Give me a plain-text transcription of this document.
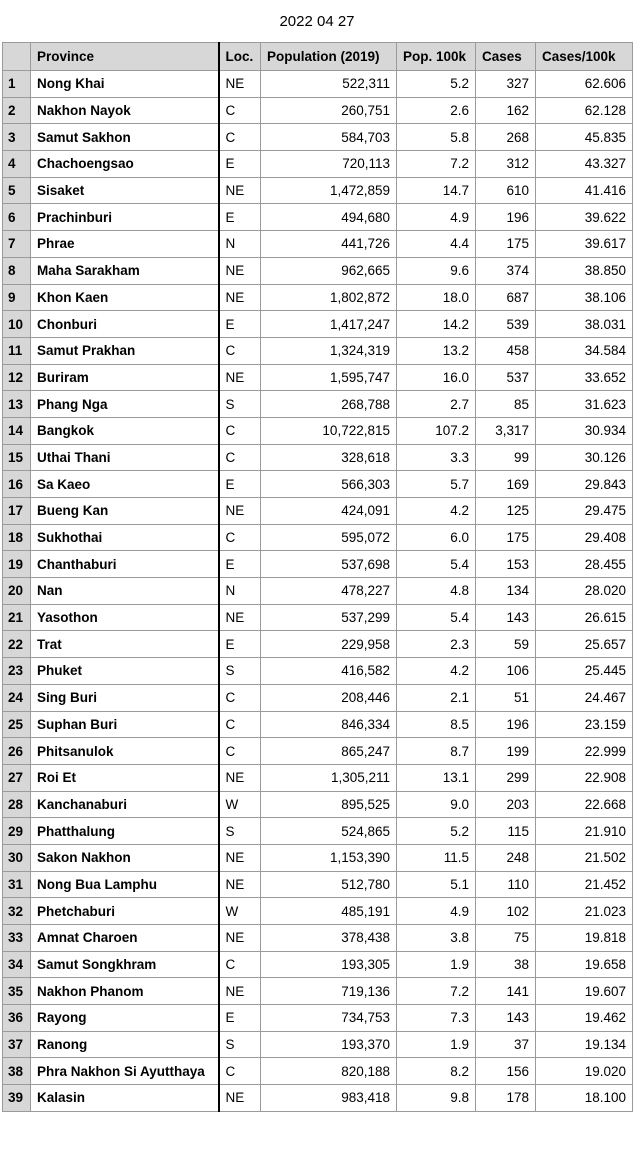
2022 04 27
	Province	Loc.	Population (2019)	Pop. 100k	Cases	Cases/100k
1	Nong Khai	NE	522,311	5.2	327	62.606
2	Nakhon Nayok	C	260,751	2.6	162	62.128
3	Samut Sakhon	C	584,703	5.8	268	45.835
4	Chachoengsao	E	720,113	7.2	312	43.327
5	Sisaket	NE	1,472,859	14.7	610	41.416
6	Prachinburi	E	494,680	4.9	196	39.622
7	Phrae	N	441,726	4.4	175	39.617
8	Maha Sarakham	NE	962,665	9.6	374	38.850
9	Khon Kaen	NE	1,802,872	18.0	687	38.106
10	Chonburi	E	1,417,247	14.2	539	38.031
11	Samut Prakhan	C	1,324,319	13.2	458	34.584
12	Buriram	NE	1,595,747	16.0	537	33.652
13	Phang Nga	S	268,788	2.7	85	31.623
14	Bangkok	C	10,722,815	107.2	3,317	30.934
15	Uthai Thani	C	328,618	3.3	99	30.126
16	Sa Kaeo	E	566,303	5.7	169	29.843
17	Bueng Kan	NE	424,091	4.2	125	29.475
18	Sukhothai	C	595,072	6.0	175	29.408
19	Chanthaburi	E	537,698	5.4	153	28.455
20	Nan	N	478,227	4.8	134	28.020
21	Yasothon	NE	537,299	5.4	143	26.615
22	Trat	E	229,958	2.3	59	25.657
23	Phuket	S	416,582	4.2	106	25.445
24	Sing Buri	C	208,446	2.1	51	24.467
25	Suphan Buri	C	846,334	8.5	196	23.159
26	Phitsanulok	C	865,247	8.7	199	22.999
27	Roi Et	NE	1,305,211	13.1	299	22.908
28	Kanchanaburi	W	895,525	9.0	203	22.668
29	Phatthalung	S	524,865	5.2	115	21.910
30	Sakon Nakhon	NE	1,153,390	11.5	248	21.502
31	Nong Bua Lamphu	NE	512,780	5.1	110	21.452
32	Phetchaburi	W	485,191	4.9	102	21.023
33	Amnat Charoen	NE	378,438	3.8	75	19.818
34	Samut Songkhram	C	193,305	1.9	38	19.658
35	Nakhon Phanom	NE	719,136	7.2	141	19.607
36	Rayong	E	734,753	7.3	143	19.462
37	Ranong	S	193,370	1.9	37	19.134
38	Phra Nakhon Si Ayutthaya	C	820,188	8.2	156	19.020
39	Kalasin	NE	983,418	9.8	178	18.100
